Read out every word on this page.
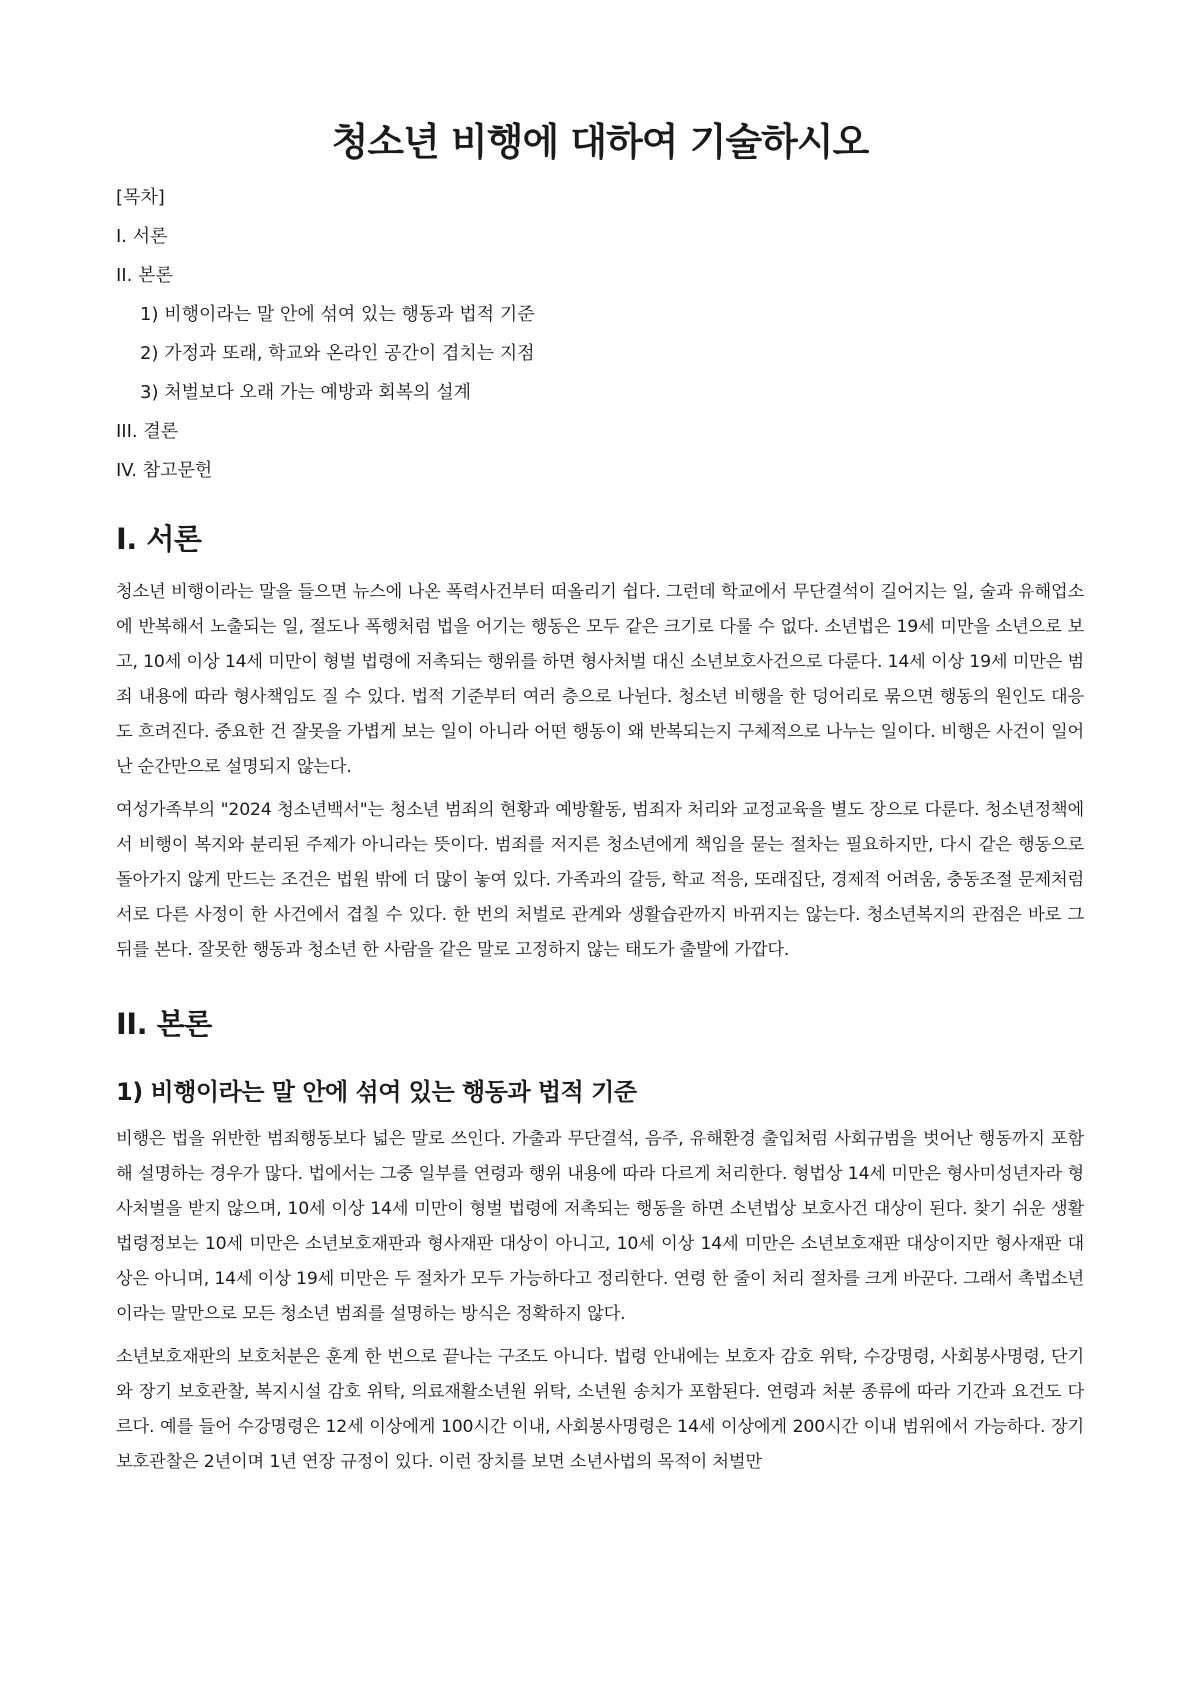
청소년 비행에 대하여 기술하시오
[목차]
I. 서론
II. 본론
1) 비행이라는 말 안에 섞여 있는 행동과 법적 기준
2) 가정과 또래, 학교와 온라인 공간이 겹치는 지점
3) 처벌보다 오래 가는 예방과 회복의 설계
III. 결론
IV. 참고문헌
I. 서론

청소년 비행이라는 말을 들으면 뉴스에 나온 폭력사건부터 떠올리기 쉽다. 그런데 학교에서 무단결석이 길어지는 일, 술과 유해업소에 반복해서 노출되는 일, 절도나 폭행처럼 법을 어기는 행동은 모두 같은 크기로 다룰 수 없다. 소년법은 19세 미만을 소년으로 보고, 10세 이상 14세 미만이 형벌 법령에 저촉되는 행위를 하면 형사처벌 대신 소년보호사건으로 다룬다. 14세 이상 19세 미만은 범죄 내용에 따라 형사책임도 질 수 있다. 법적 기준부터 여러 층으로 나뉜다. 청소년 비행을 한 덩어리로 묶으면 행동의 원인도 대응도 흐려진다. 중요한 건 잘못을 가볍게 보는 일이 아니라 어떤 행동이 왜 반복되는지 구체적으로 나누는 일이다. 비행은 사건이 일어난 순간만으로 설명되지 않는다.

여성가족부의 "2024 청소년백서"는 청소년 범죄의 현황과 예방활동, 범죄자 처리와 교정교육을 별도 장으로 다룬다. 청소년정책에서 비행이 복지와 분리된 주제가 아니라는 뜻이다. 범죄를 저지른 청소년에게 책임을 묻는 절차는 필요하지만, 다시 같은 행동으로 돌아가지 않게 만드는 조건은 법원 밖에 더 많이 놓여 있다. 가족과의 갈등, 학교 적응, 또래집단, 경제적 어려움, 충동조절 문제처럼 서로 다른 사정이 한 사건에서 겹칠 수 있다. 한 번의 처벌로 관계와 생활습관까지 바뀌지는 않는다. 청소년복지의 관점은 바로 그 뒤를 본다. 잘못한 행동과 청소년 한 사람을 같은 말로 고정하지 않는 태도가 출발에 가깝다.

II. 본론
1) 비행이라는 말 안에 섞여 있는 행동과 법적 기준

비행은 법을 위반한 범죄행동보다 넓은 말로 쓰인다. 가출과 무단결석, 음주, 유해환경 출입처럼 사회규범을 벗어난 행동까지 포함해 설명하는 경우가 많다. 법에서는 그중 일부를 연령과 행위 내용에 따라 다르게 처리한다. 형법상 14세 미만은 형사미성년자라 형사처벌을 받지 않으며, 10세 이상 14세 미만이 형벌 법령에 저촉되는 행동을 하면 소년법상 보호사건 대상이 된다. 찾기 쉬운 생활법령정보는 10세 미만은 소년보호재판과 형사재판 대상이 아니고, 10세 이상 14세 미만은 소년보호재판 대상이지만 형사재판 대상은 아니며, 14세 이상 19세 미만은 두 절차가 모두 가능하다고 정리한다. 연령 한 줄이 처리 절차를 크게 바꾼다. 그래서 촉법소년이라는 말만으로 모든 청소년 범죄를 설명하는 방식은 정확하지 않다.

소년보호재판의 보호처분은 훈계 한 번으로 끝나는 구조도 아니다. 법령 안내에는 보호자 감호 위탁, 수강명령, 사회봉사명령, 단기와 장기 보호관찰, 복지시설 감호 위탁, 의료재활소년원 위탁, 소년원 송치가 포함된다. 연령과 처분 종류에 따라 기간과 요건도 다르다. 예를 들어 수강명령은 12세 이상에게 100시간 이내, 사회봉사명령은 14세 이상에게 200시간 이내 범위에서 가능하다. 장기 보호관찰은 2년이며 1년 연장 규정이 있다. 이런 장치를 보면 소년사법의 목적이 처벌만
